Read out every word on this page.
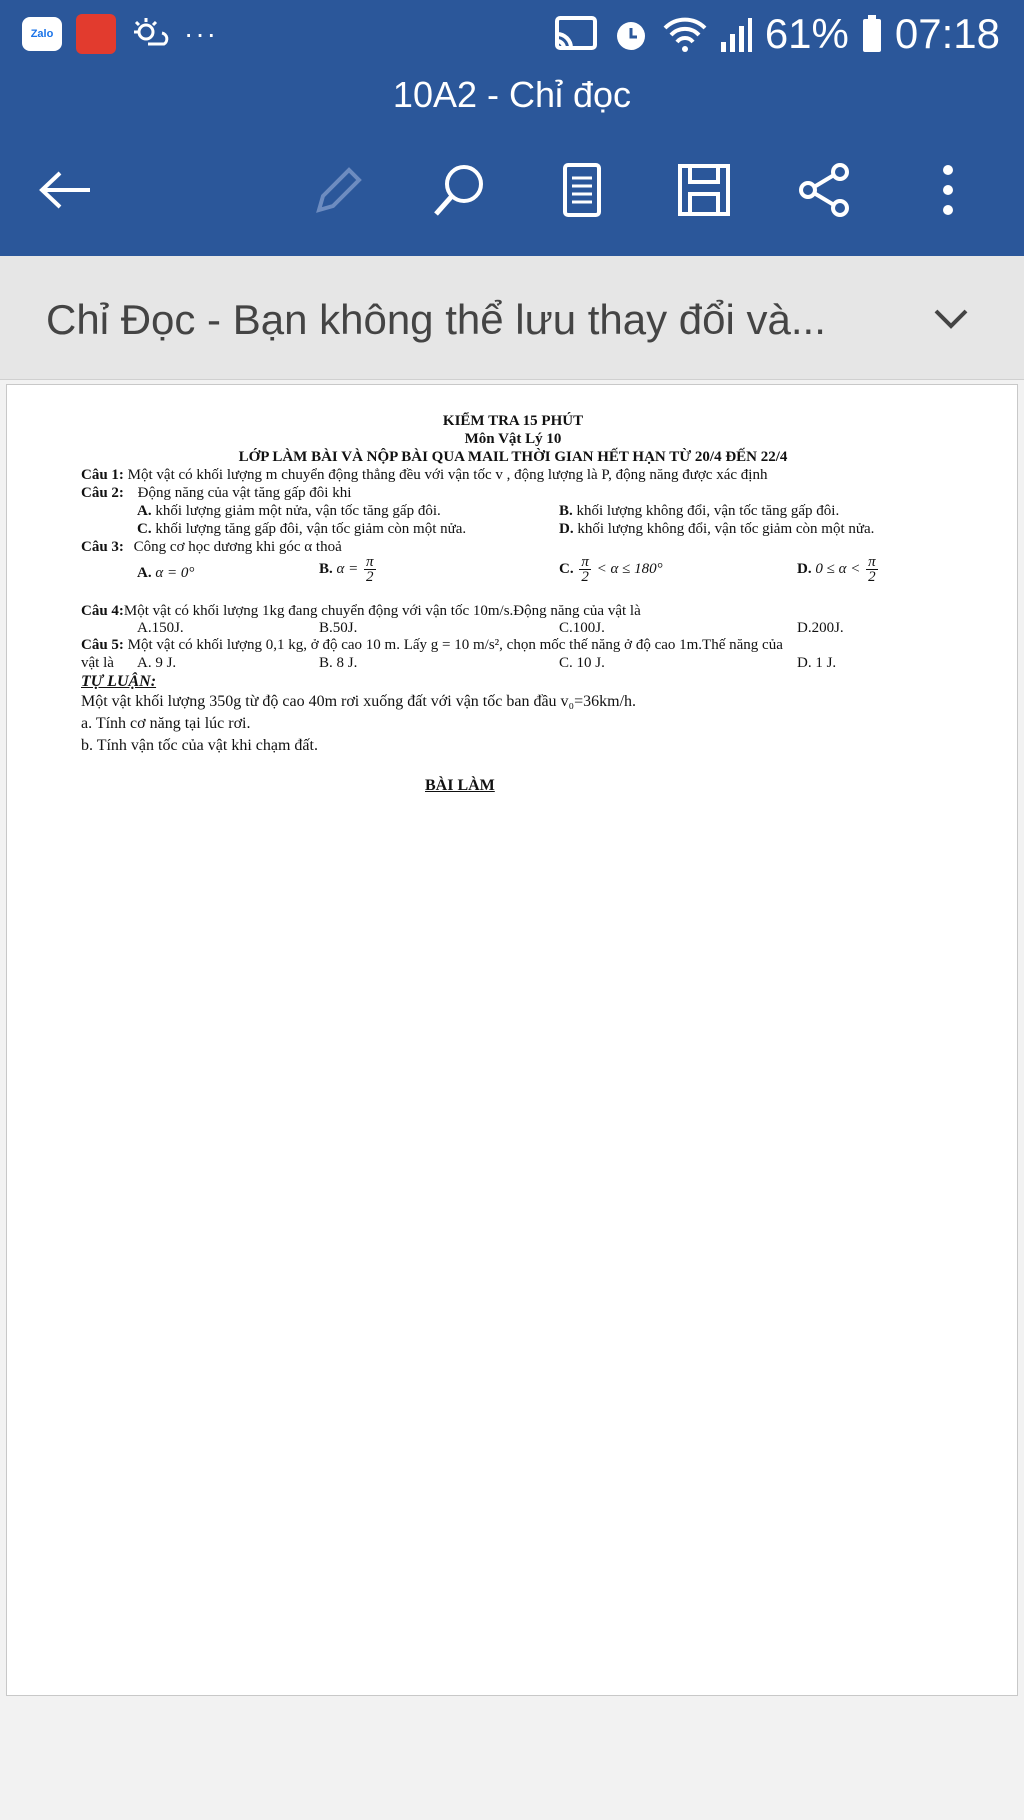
Zalo	···	61% 07:18
10A2 - Chỉ đọc
Chỉ Đọc - Bạn không thể lưu thay đổi và...
KIỂM TRA 15 PHÚT
Môn Vật Lý 10
LỚP LÀM BÀI VÀ NỘP BÀI QUA MAIL THỜI GIAN HẾT HẠN TỪ 20/4 ĐẾN 22/4
Câu 1: Một vật có khối lượng m chuyển động thẳng đều với vận tốc v , động lượng là P, động năng được xác định
Câu 2: Động năng của vật tăng gấp đôi khi
A. khối lượng giảm một nửa, vận tốc tăng gấp đôi.	B. khối lượng không đổi, vận tốc tăng gấp đôi.
C. khối lượng tăng gấp đôi, vận tốc giảm còn một nửa.	D. khối lượng không đổi, vận tốc giảm còn một nửa.
Câu 3: Công cơ học dương khi góc α thoả
A. α = 0°	B. $\alpha = \frac{\pi}{2}$	C. $\frac{\pi}{2} < \alpha \le 180^\circ$	D. $0 \le \alpha < \frac{\pi}{2}$
Câu 4:Một vật có khối lượng 1kg đang chuyển động với vận tốc 10m/s.Động năng của vật là
A.150J.	B.50J.	C.100J.	D.200J.
Câu 5: Một vật có khối lượng 0,1 kg, ở độ cao 10 m. Lấy g = 10 m/s², chọn mốc thế năng ở độ cao 1m.Thế năng của
vật là A. 9 J.	B. 8 J.	C. 10 J.	D. 1 J.
TỰ LUẬN:
Một vật khối lượng 350g từ độ cao 40m rơi xuống đất với vận tốc ban đầu v₀=36km/h.
a. Tính cơ năng tại lúc rơi.
b. Tính vận tốc của vật khi chạm đất.
BÀI LÀM
